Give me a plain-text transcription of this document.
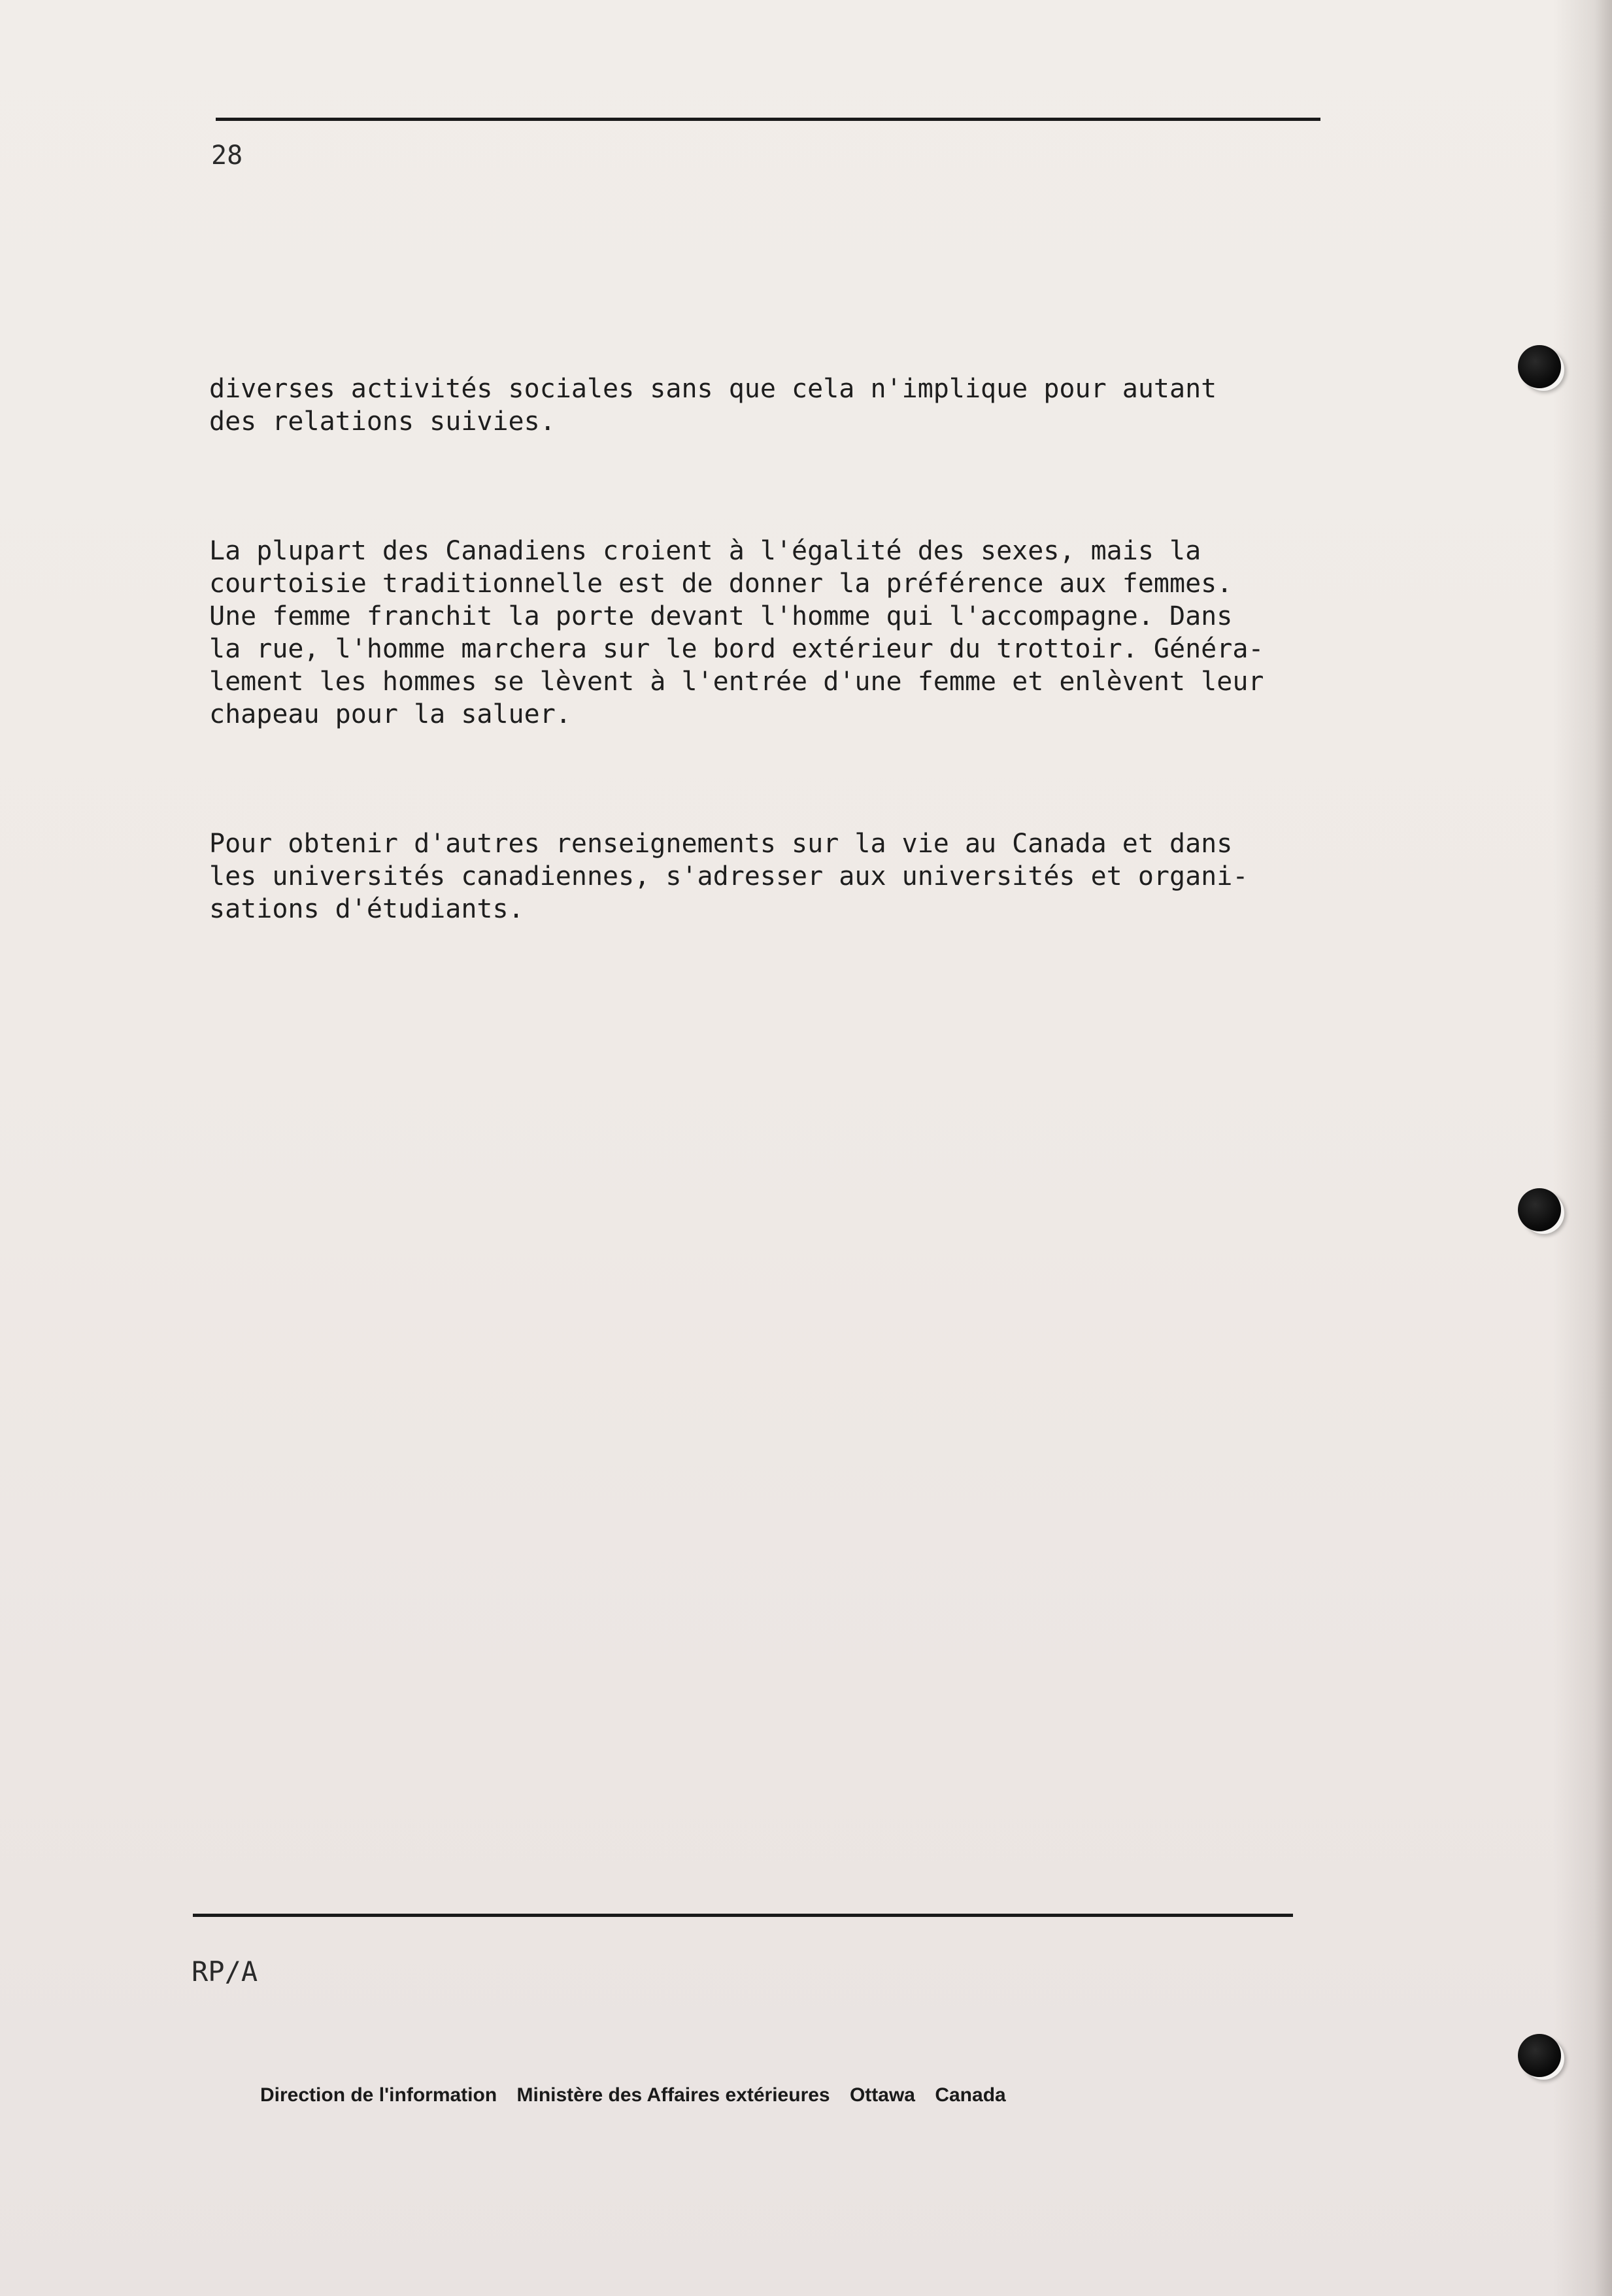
28

diverses activités sociales sans que cela n'implique pour autant
des relations suivies.

La plupart des Canadiens croient à l'égalité des sexes, mais la
courtoisie traditionnelle est de donner la préférence aux femmes.
Une femme franchit la porte devant l'homme qui l'accompagne. Dans
la rue, l'homme marchera sur le bord extérieur du trottoir. Généra-
lement les hommes se lèvent à l'entrée d'une femme et enlèvent leur
chapeau pour la saluer.

Pour obtenir d'autres renseignements sur la vie au Canada et dans
les universités canadiennes, s'adresser aux universités et organi-
sations d'étudiants.

RP/A
Direction de l'information Ministère des Affaires extérieures Ottawa Canada
